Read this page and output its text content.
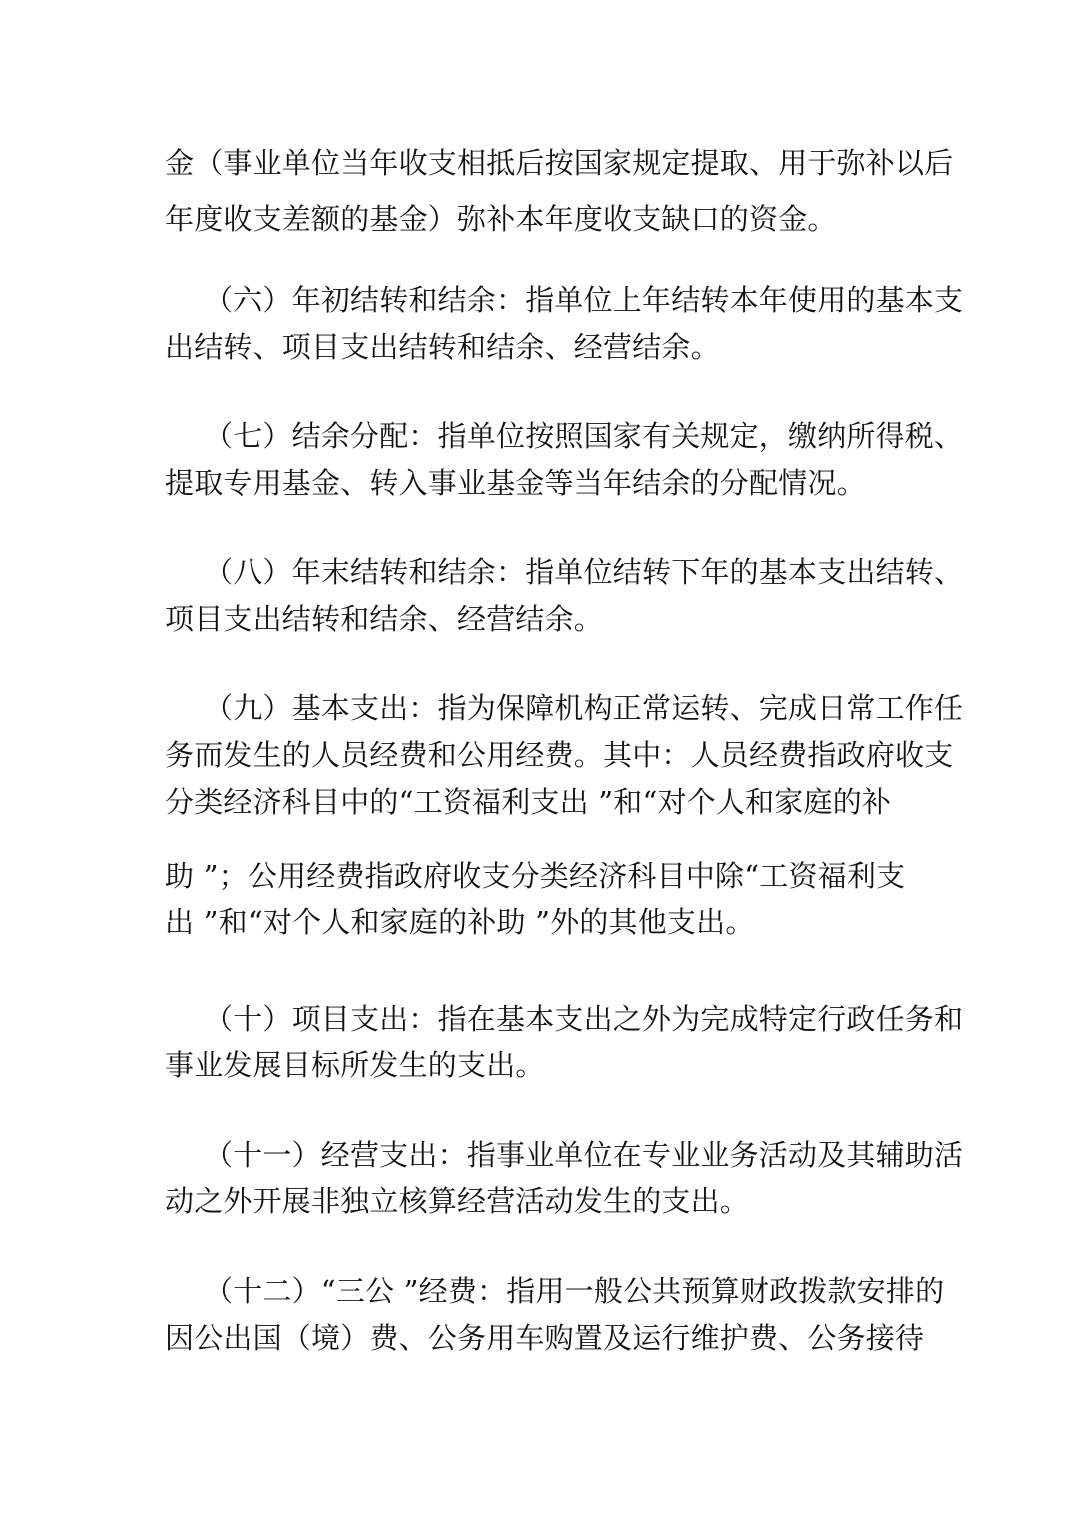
金（事业单位当年收支相抵后按国家规定提取、用于弥补以后
年度收支差额的基金）弥补本年度收支缺口的资金。
（六）年初结转和结余：指单位上年结转本年使用的基本支
出结转、项目支出结转和结余、经营结余。
（七）结余分配：指单位按照国家有关规定，缴纳所得税、
提取专用基金、转入事业基金等当年结余的分配情况。
（八）年末结转和结余：指单位结转下年的基本支出结转、
项目支出结转和结余、经营结余。
（九）基本支出：指为保障机构正常运转、完成日常工作任
务而发生的人员经费和公用经费。其中：人员经费指政府收支
分类经济科目中的“工资福利支出 ”和“对个人和家庭的补
助 ”；公用经费指政府收支分类经济科目中除“工资福利支
出 ”和“对个人和家庭的补助 ”外的其他支出。
（十）项目支出：指在基本支出之外为完成特定行政任务和
事业发展目标所发生的支出。
（十一）经营支出：指事业单位在专业业务活动及其辅助活
动之外开展非独立核算经营活动发生的支出。
（十二）“三公 ”经费：指用一般公共预算财政拨款安排的
因公出国（境）费、公务用车购置及运行维护费、公务接待
